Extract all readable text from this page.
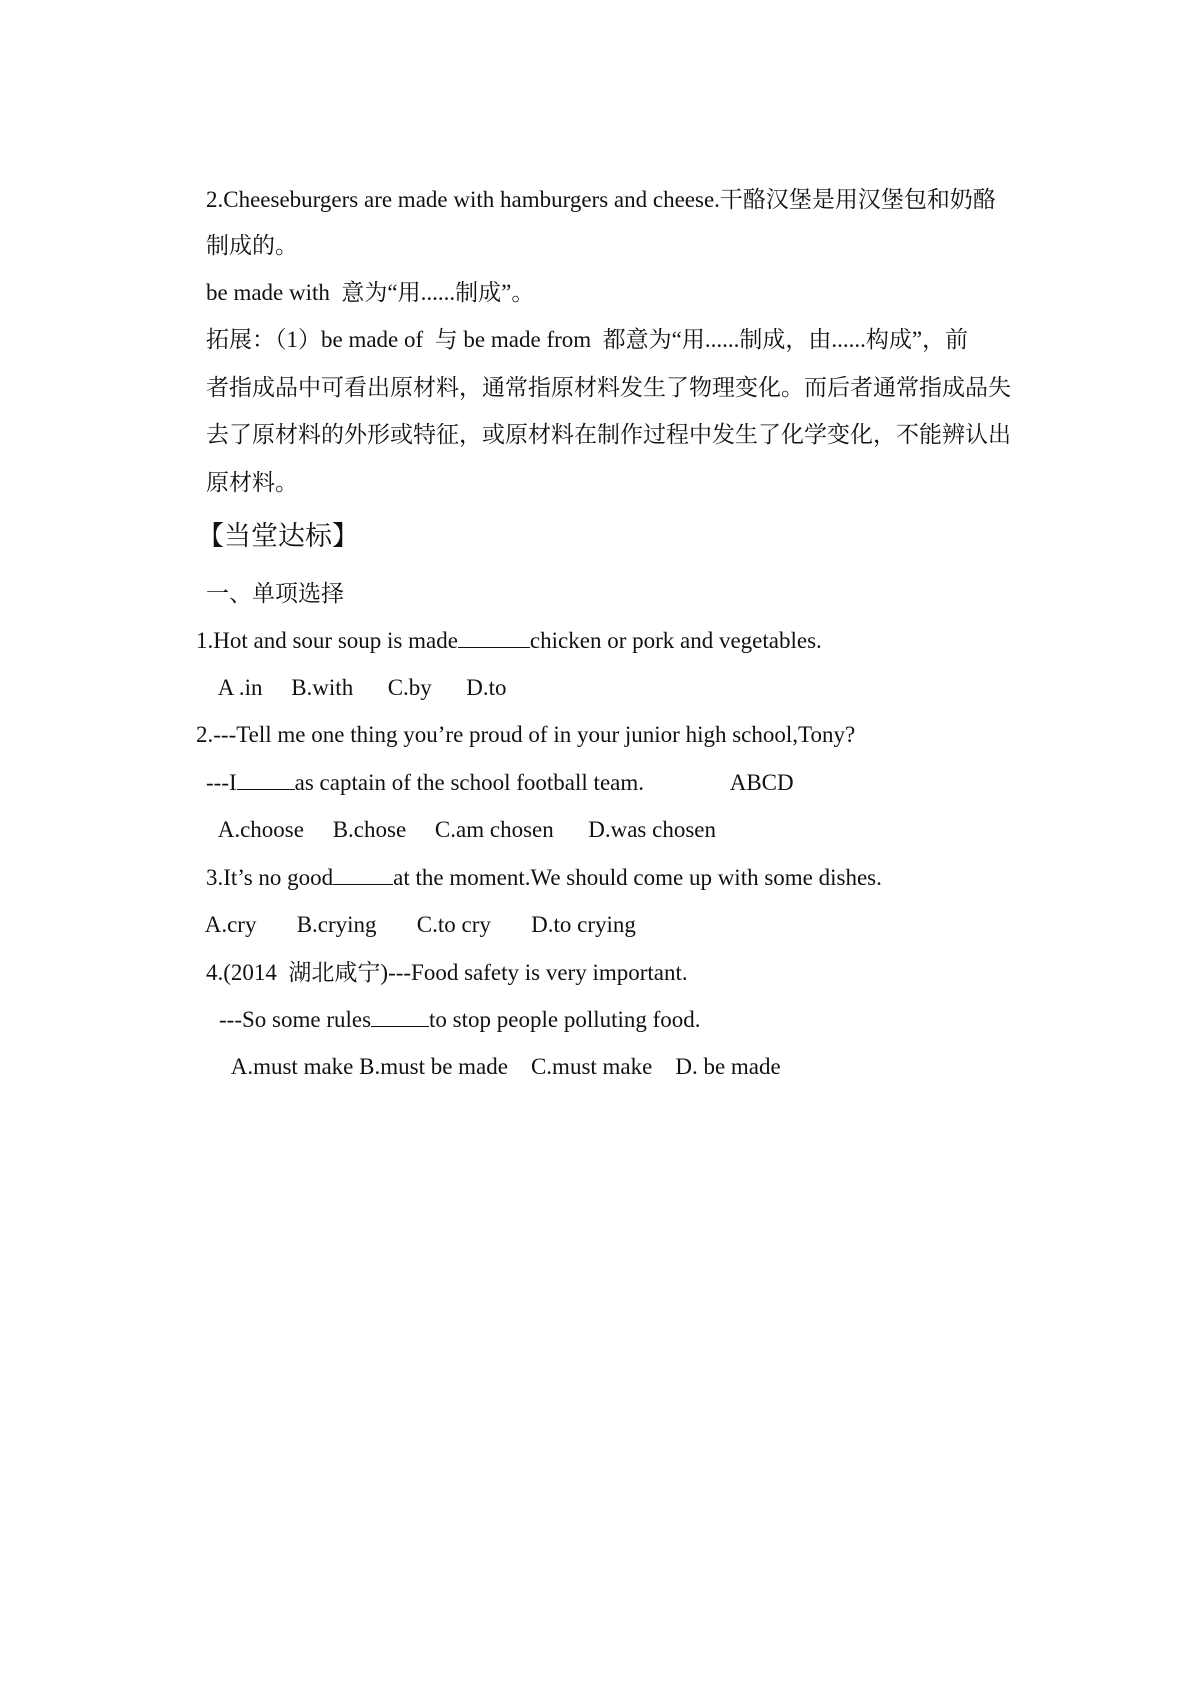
2.Cheeseburgers are made with hamburgers and cheese.干酪汉堡是用汉堡包和奶酪

制成的。

be made with  意为“用......制成”。

拓展：（1）be made of  与 be made from  都意为“用......制成，由......构成”，前

者指成品中可看出原材料，通常指原材料发生了物理变化。而后者通常指成品失

去了原材料的外形或特征，或原材料在制作过程中发生了化学变化，不能辨认出

原材料。

【当堂达标】

一、单项选择

1.Hot and sour soup is made	chicken or pork and vegetables.

A .in     B.with      C.by      D.to

2.---Tell me one thing you’re proud of in your junior high school,Tony?

---I	as captain of the school football team.
	ABCD

A.choose     B.chose     C.am chosen      D.was chosen

3.It’s no good	at the moment.We should come up with some dishes.

A.cry       B.crying       C.to cry       D.to crying

4.(2014  湖北咸宁)---Food safety is very important.

---So some rules	to stop people polluting food.

A.must make B.must be made    C.must make    D. be made
